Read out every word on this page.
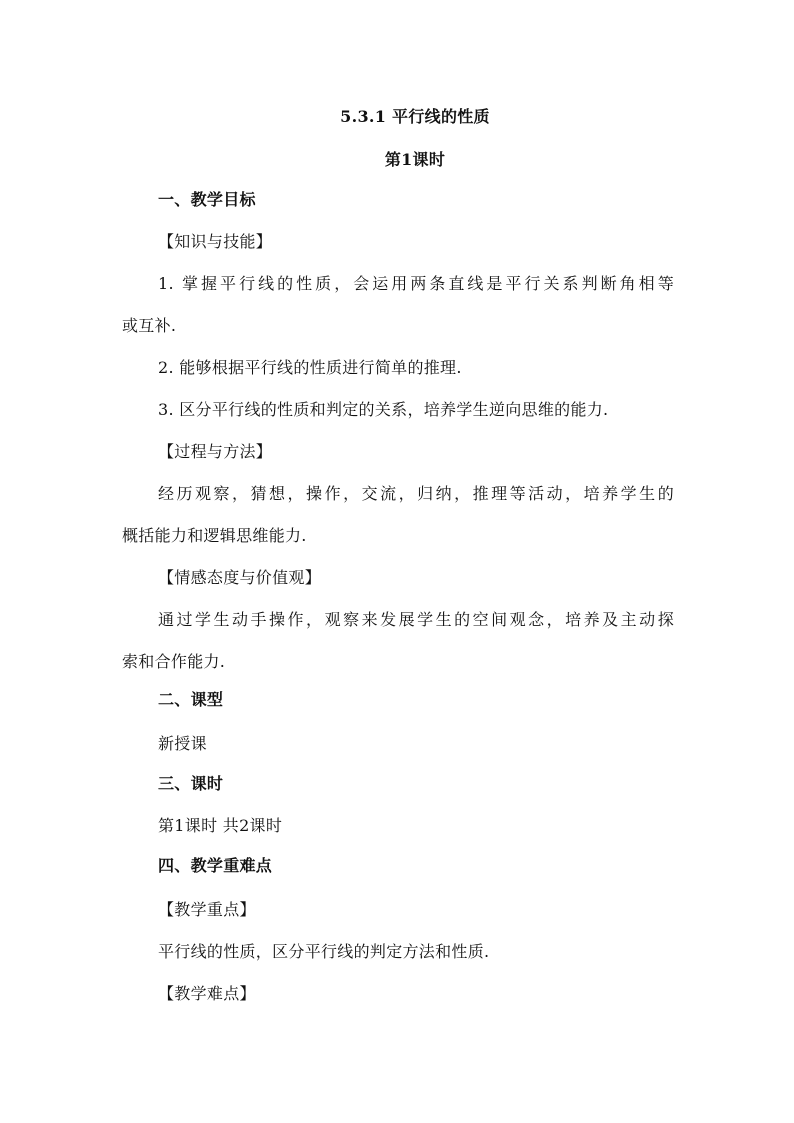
5.3.1 平行线的性质
第1课时
一、教学目标
【知识与技能】
1. 掌握平行线的性质，会运用两条直线是平行关系判断角相等
或互补.
2. 能够根据平行线的性质进行简单的推理.
3. 区分平行线的性质和判定的关系，培养学生逆向思维的能力.
【过程与方法】
经历观察，猜想，操作，交流，归纳，推理等活动，培养学生的
概括能力和逻辑思维能力.
【情感态度与价值观】
通过学生动手操作，观察来发展学生的空间观念，培养及主动探
索和合作能力.
二、课型
新授课
三、课时
第1课时 共2课时
四、教学重难点
【教学重点】
平行线的性质，区分平行线的判定方法和性质.
【教学难点】
